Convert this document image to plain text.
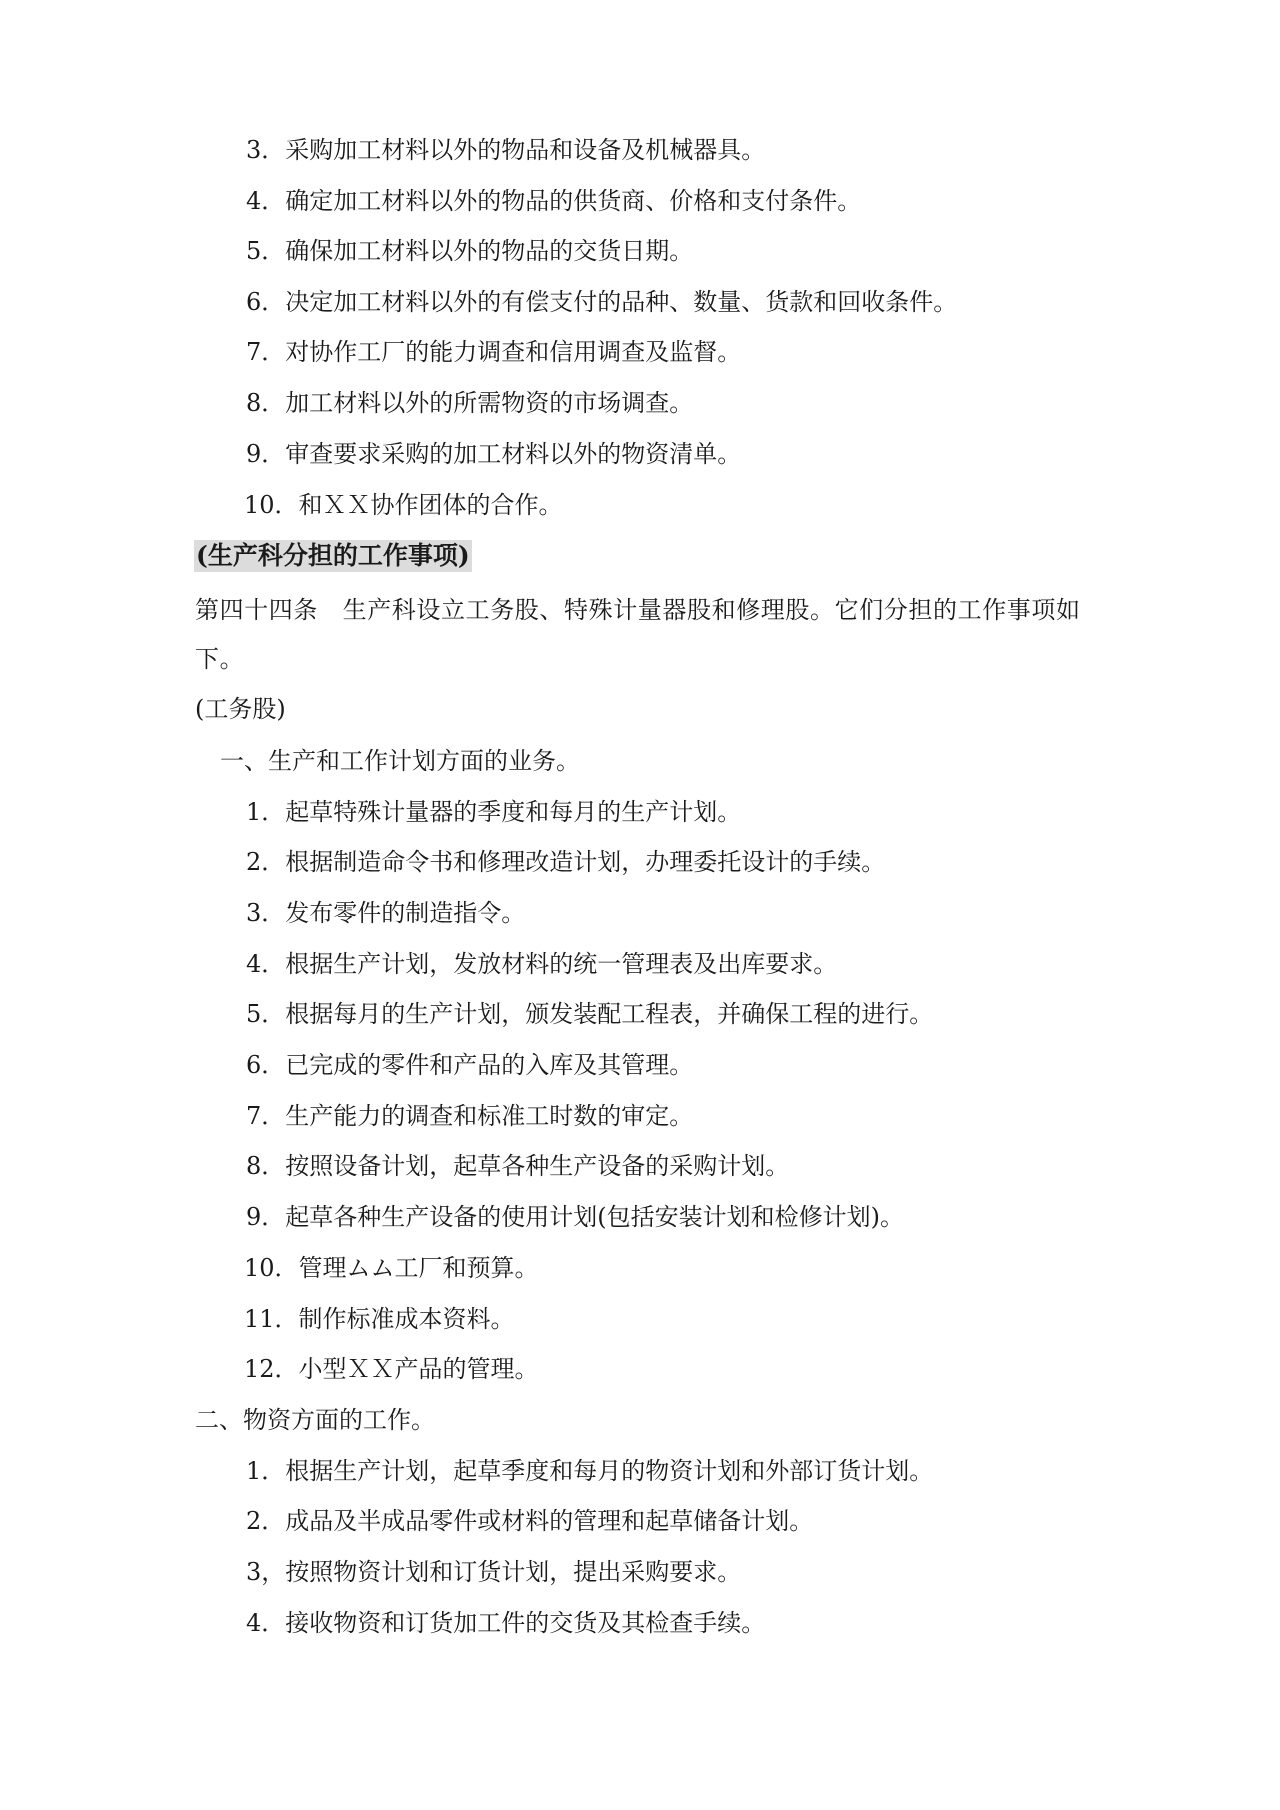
3．采购加工材料以外的物品和设备及机械器具。
4．确定加工材料以外的物品的供货商、价格和支付条件。
5．确保加工材料以外的物品的交货日期。
6．决定加工材料以外的有偿支付的品种、数量、货款和回收条件。
7．对协作工厂的能力调查和信用调查及监督。
8．加工材料以外的所需物资的市场调查。
9．审查要求采购的加工材料以外的物资清单。
10．和ＸＸ协作团体的合作。
(生产科分担的工作事项)
第四十四条　生产科设立工务股、特殊计量器股和修理股。它们分担的工作事项如下。
(工务股)
一、生产和工作计划方面的业务。
1．起草特殊计量器的季度和每月的生产计划。
2．根据制造命令书和修理改造计划，办理委托设计的手续。
3．发布零件的制造指令。
4．根据生产计划，发放材料的统一管理表及出库要求。
5．根据每月的生产计划，颁发装配工程表，并确保工程的进行。
6．已完成的零件和产品的入库及其管理。
7．生产能力的调查和标准工时数的审定。
8．按照设备计划，起草各种生产设备的采购计划。
9．起草各种生产设备的使用计划(包括安装计划和检修计划)。
10．管理ムム工厂和预算。
11．制作标准成本资料。
12．小型ＸＸ产品的管理。
二、物资方面的工作。
1．根据生产计划，起草季度和每月的物资计划和外部订货计划。
2．成品及半成品零件或材料的管理和起草储备计划。
3，按照物资计划和订货计划，提出采购要求。
4．接收物资和订货加工件的交货及其检查手续。
